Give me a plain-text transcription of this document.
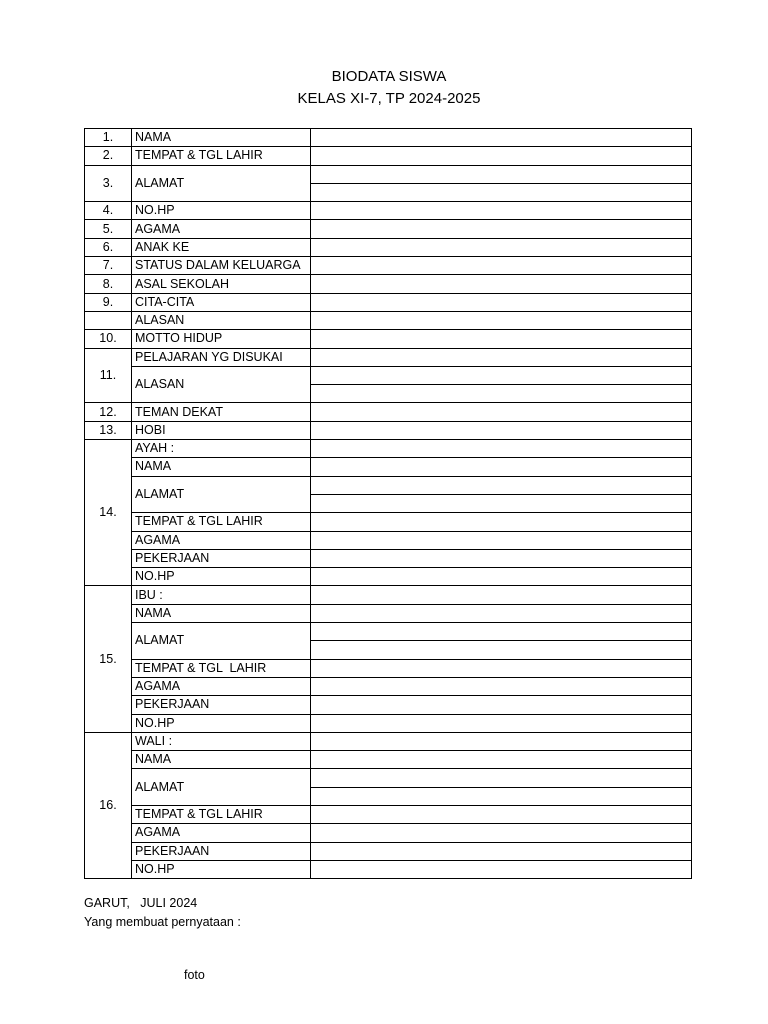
BIODATA SISWA
KELAS XI-7, TP 2024-2025
1.	NAMA	
2.	TEMPAT & TGL LAHIR	
3.	ALAMAT	

4.	NO.HP	
5.	AGAMA	
6.	ANAK KE	
7.	STATUS DALAM KELUARGA	
8.	ASAL SEKOLAH	
9.	CITA-CITA	
	ALASAN	
10.	MOTTO HIDUP	
11.	PELAJARAN YG DISUKAI	
	ALASAN	

12.	TEMAN DEKAT	
13.	HOBI	
14.	AYAH :	
	NAMA	
	ALAMAT	

	TEMPAT & TGL LAHIR	
	AGAMA	
	PEKERJAAN	
	NO.HP	
15.	IBU :	
	NAMA	
	ALAMAT	

	TEMPAT & TGL  LAHIR	
	AGAMA	
	PEKERJAAN	
	NO.HP	
16.	WALI :	
	NAMA	
	ALAMAT	

	TEMPAT & TGL LAHIR	
	AGAMA	
	PEKERJAAN	
	NO.HP	
GARUT,   JULI 2024
Yang membuat pernyataan :
foto
